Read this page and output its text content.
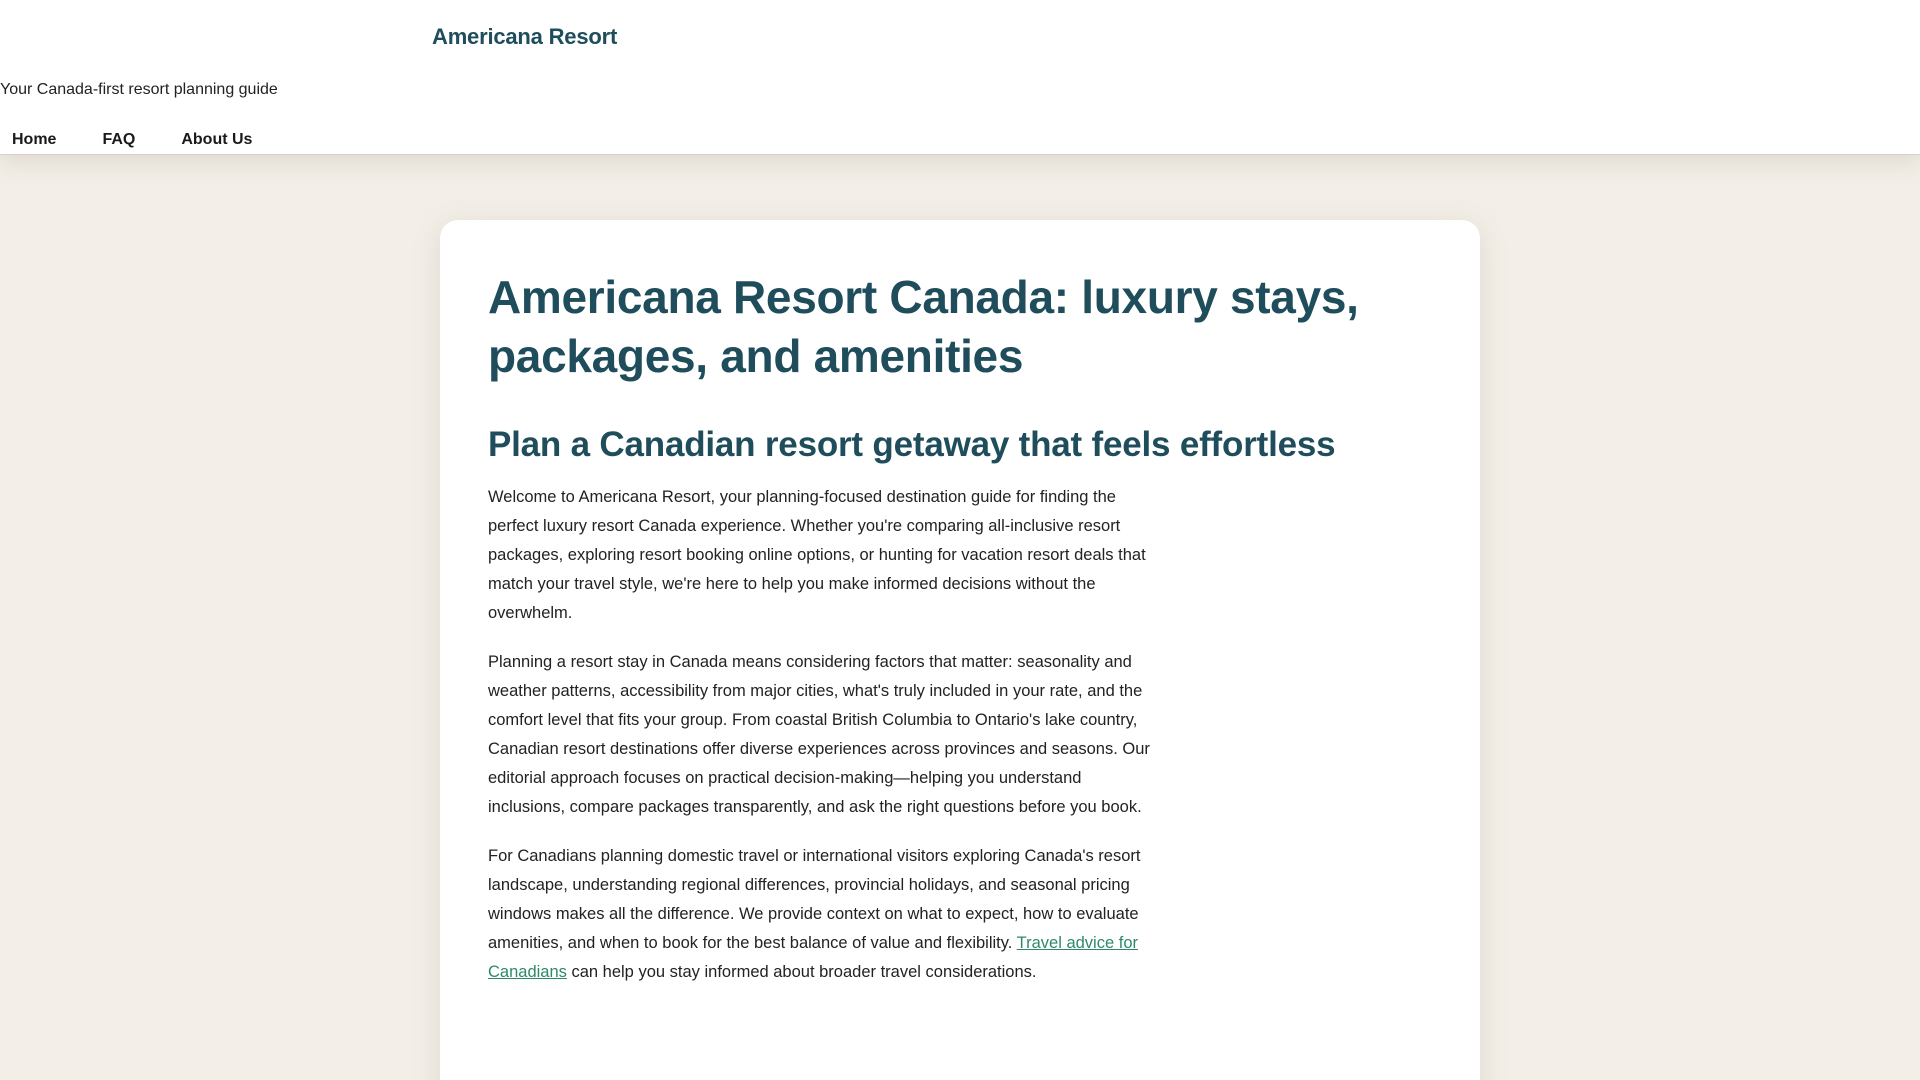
Americana Resort
Your Canada-first resort planning guide
Home	FAQ	About Us
Americana Resort Canada: luxury stays, packages, and amenities
Plan a Canadian resort getaway that feels effortless

Welcome to Americana Resort, your planning-focused destination guide for finding the perfect luxury resort Canada experience. Whether you're comparing all-inclusive resort packages, exploring resort booking online options, or hunting for vacation resort deals that match your travel style, we're here to help you make informed decisions without the overwhelm.

Planning a resort stay in Canada means considering factors that matter: seasonality and weather patterns, accessibility from major cities, what's truly included in your rate, and the comfort level that fits your group. From coastal British Columbia to Ontario's lake country, Canadian resort destinations offer diverse experiences across provinces and seasons. Our editorial approach focuses on practical decision-making—helping you understand inclusions, compare packages transparently, and ask the right questions before you book.

For Canadians planning domestic travel or international visitors exploring Canada's resort landscape, understanding regional differences, provincial holidays, and seasonal pricing windows makes all the difference. We provide context on what to expect, how to evaluate amenities, and when to book for the best balance of value and flexibility. Travel advice for Canadians can help you stay informed about broader travel considerations.
